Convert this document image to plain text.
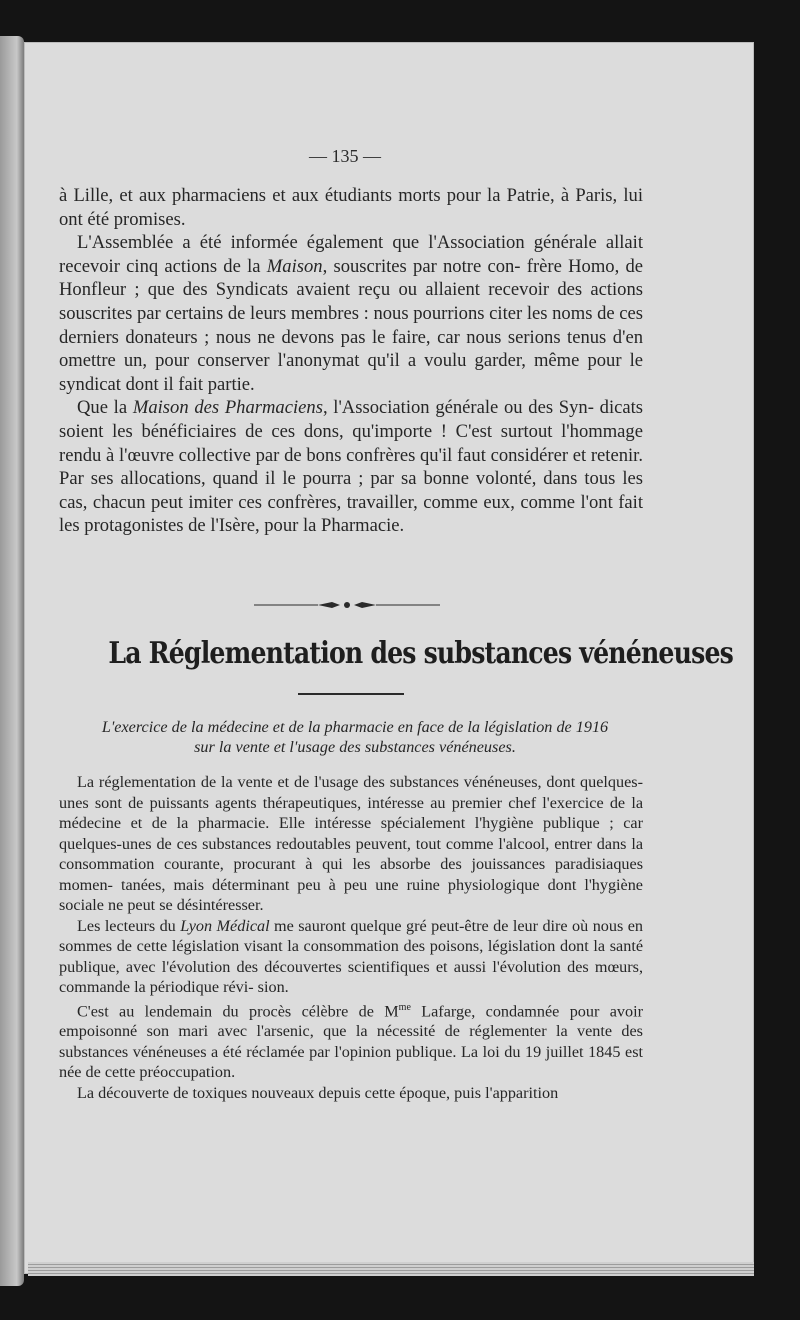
— 135 —

à Lille, et aux pharmaciens et aux étudiants morts pour la Patrie, à Paris, lui ont été promises.

L'Assemblée a été informée également que l'Association générale allait recevoir cinq actions de la Maison, souscrites par notre con- frère Homo, de Honfleur ; que des Syndicats avaient reçu ou allaient recevoir des actions souscrites par certains de leurs membres : nous pourrions citer les noms de ces derniers donateurs ; nous ne devons pas le faire, car nous serions tenus d'en omettre un, pour conserver l'anonymat qu'il a voulu garder, même pour le syndicat dont il fait partie.

Que la Maison des Pharmaciens, l'Association générale ou des Syn- dicats soient les bénéficiaires de ces dons, qu'importe ! C'est surtout l'hommage rendu à l'œuvre collective par de bons confrères qu'il faut considérer et retenir. Par ses allocations, quand il le pourra ; par sa bonne volonté, dans tous les cas, chacun peut imiter ces confrères, travailler, comme eux, comme l'ont fait les protagonistes de l'Isère, pour la Pharmacie.

La Réglementation des substances vénéneuses
L'exercice de la médecine et de la pharmacie en face de la législation de 1916
sur la vente et l'usage des substances vénéneuses.

La réglementation de la vente et de l'usage des substances vénéneuses, dont quelques-unes sont de puissants agents thérapeutiques, intéresse au premier chef l'exercice de la médecine et de la pharmacie. Elle intéresse spécialement l'hygiène publique ; car quelques-unes de ces substances redoutables peuvent, tout comme l'alcool, entrer dans la consommation courante, procurant à qui les absorbe des jouissances paradisiaques momen- tanées, mais déterminant peu à peu une ruine physiologique dont l'hygiène sociale ne peut se désintéresser.

Les lecteurs du Lyon Médical me sauront quelque gré peut-être de leur dire où nous en sommes de cette législation visant la consommation des poisons, législation dont la santé publique, avec l'évolution des découvertes scientifiques et aussi l'évolution des mœurs, commande la périodique révi- sion.

C'est au lendemain du procès célèbre de $M^{me}$ Lafarge, condamnée pour avoir empoisonné son mari avec l'arsenic, que la nécessité de réglementer la vente des substances vénéneuses a été réclamée par l'opinion publique. La loi du 19 juillet 1845 est née de cette préoccupation.

La découverte de toxiques nouveaux depuis cette époque, puis l'apparition
